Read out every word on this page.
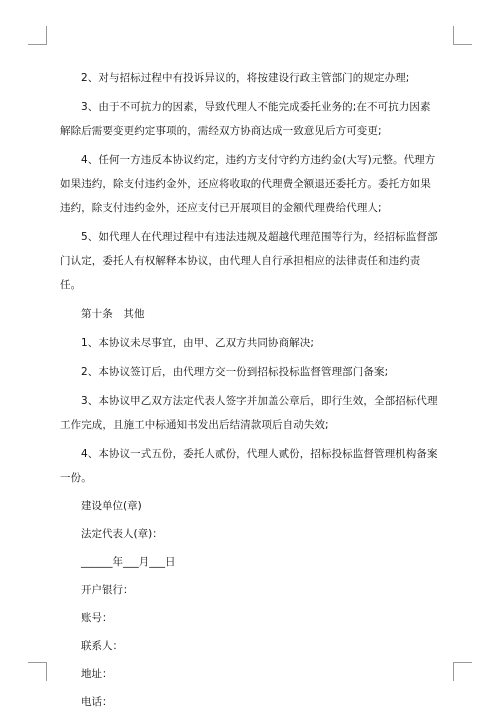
2、对与招标过程中有投诉异议的，将按建设行政主管部门的规定办理;

3、由于不可抗力的因素，导致代理人不能完成委托业务的;在不可抗力因素解除后需要变更约定事项的，需经双方协商达成一致意见后方可变更;

4、任何一方违反本协议约定，违约方支付守约方违约金(大写)元整。代理方如果违约，除支付违约金外，还应将收取的代理费全额退还委托方。委托方如果违约，除支付违约金外，还应支付已开展项目的金额代理费给代理人;

5、如代理人在代理过程中有违法违规及超越代理范围等行为，经招标监督部门认定，委托人有权解释本协议，由代理人自行承担相应的法律责任和违约责任。

第十条　其他

1、本协议未尽事宜，由甲、乙双方共同协商解决;

2、本协议签订后，由代理方交一份到招标投标监督管理部门备案;

3、本协议甲乙双方法定代表人签字并加盖公章后，即行生效，全部招标代理工作完成，且施工中标通知书发出后结清款项后自动失效;

4、本协议一式五份，委托人贰份，代理人贰份，招标投标监督管理机构备案一份。

建设单位(章)
法定代表人(章)：
______年___月___日
开户银行：
账号：
联系人：
地址：
电话：
